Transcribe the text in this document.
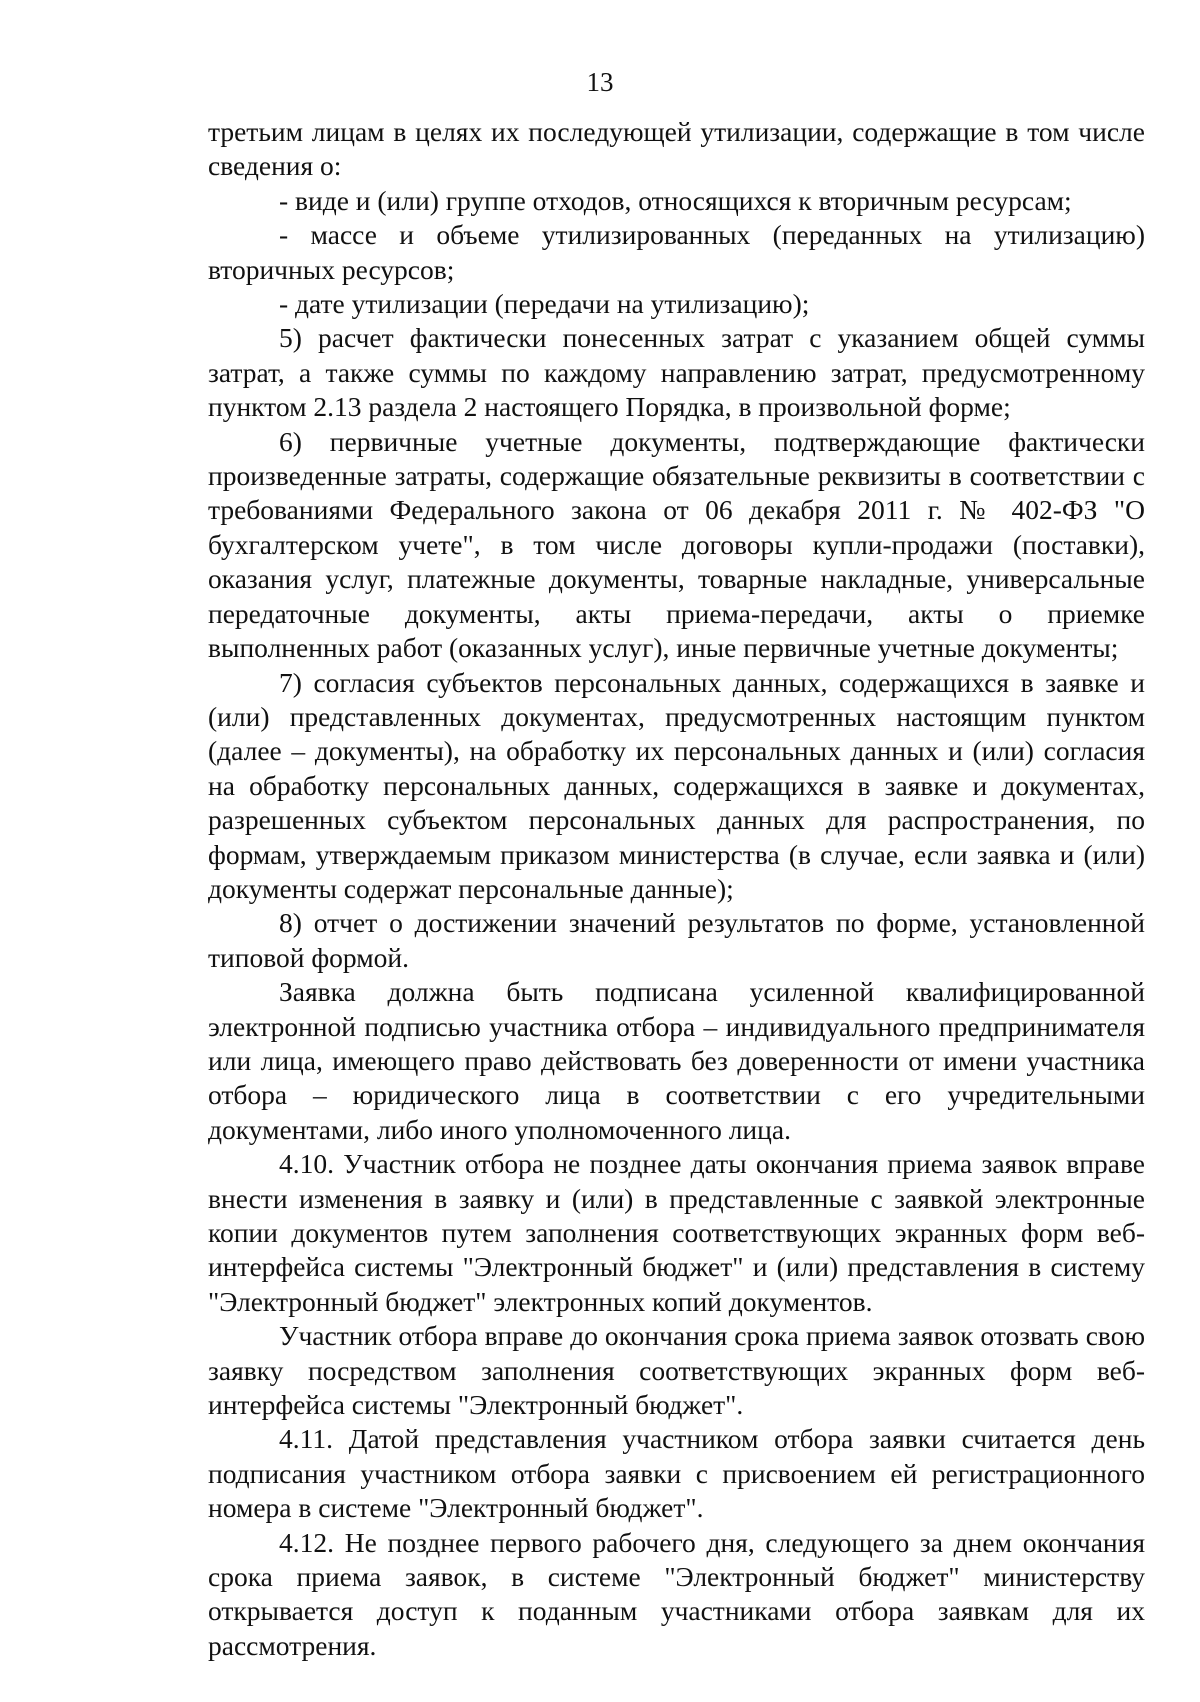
13

третьим лицам в целях их последующей утилизации, содержащие в том числе сведения о:

- виде и (или) группе отходов, относящихся к вторичным ресурсам;

- массе и объеме утилизированных (переданных на утилизацию) вторичных ресурсов;

- дате утилизации (передачи на утилизацию);

5) расчет фактически понесенных затрат с указанием общей суммы затрат, а также суммы по каждому направлению затрат, предусмотренному пунктом 2.13 раздела 2 настоящего Порядка, в произвольной форме;

6) первичные учетные документы, подтверждающие фактически произведенные затраты, содержащие обязательные реквизиты в соответствии с требованиями Федерального закона от 06 декабря 2011 г. № 402-ФЗ "О бухгалтерском учете", в том числе договоры купли-продажи (поставки), оказания услуг, платежные документы, товарные накладные, универсальные передаточные документы, акты приема-передачи, акты о приемке выполненных работ (оказанных услуг), иные первичные учетные документы;

7) согласия субъектов персональных данных, содержащихся в заявке и (или) представленных документах, предусмотренных настоящим пунктом (далее – документы), на обработку их персональных данных и (или) согласия на обработку персональных данных, содержащихся в заявке и документах, разрешенных субъектом персональных данных для распространения, по формам, утверждаемым приказом министерства (в случае, если заявка и (или) документы содержат персональные данные);

8) отчет о достижении значений результатов по форме, установленной типовой формой.

Заявка должна быть подписана усиленной квалифицированной электронной подписью участника отбора – индивидуального предпринимателя или лица, имеющего право действовать без доверенности от имени участника отбора – юридического лица в соответствии с его учредительными документами, либо иного уполномоченного лица.

4.10. Участник отбора не позднее даты окончания приема заявок вправе внести изменения в заявку и (или) в представленные с заявкой электронные копии документов путем заполнения соответствующих экранных форм веб-интерфейса системы "Электронный бюджет" и (или) представления в систему "Электронный бюджет" электронных копий документов.

Участник отбора вправе до окончания срока приема заявок отозвать свою заявку посредством заполнения соответствующих экранных форм веб-интерфейса системы "Электронный бюджет".

4.11. Датой представления участником отбора заявки считается день подписания участником отбора заявки с присвоением ей регистрационного номера в системе "Электронный бюджет".

4.12. Не позднее первого рабочего дня, следующего за днем окончания срока приема заявок, в системе "Электронный бюджет" министерству открывается доступ к поданным участниками отбора заявкам для их рассмотрения.
